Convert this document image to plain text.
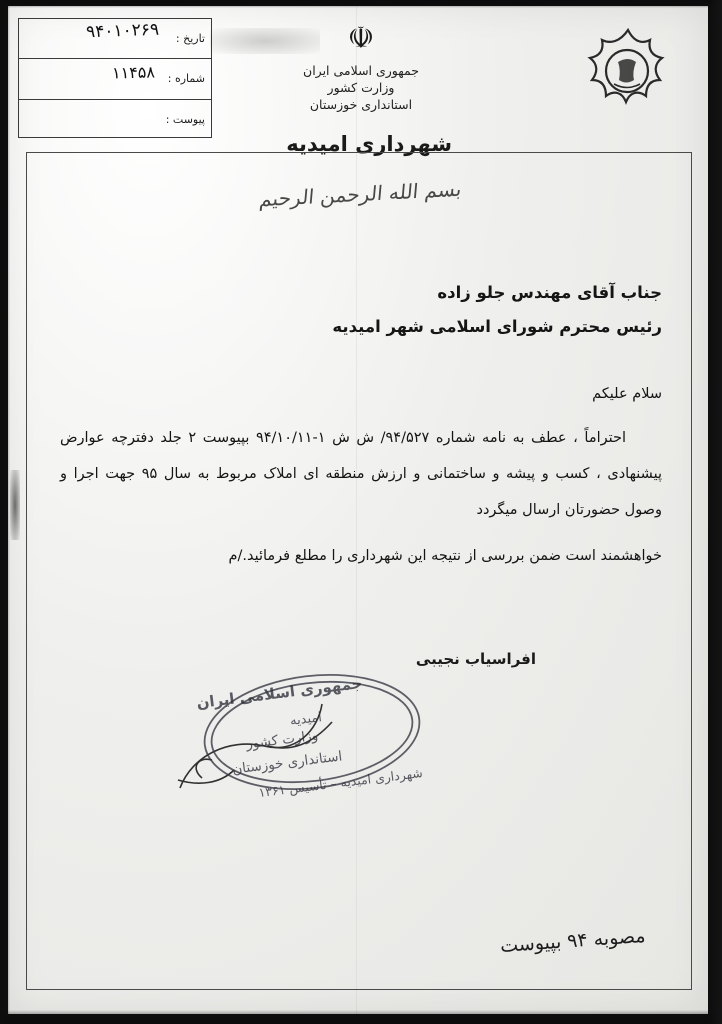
تاریخ :
۹۴۰۱۰۲۶۹
شماره :
۱۱۴۵۸
پیوست :
☫
جمهوری اسلامی ایران
وزارت کشور
استانداری خوزستان
شهرداری امیدیه
بسم الله الرحمن الرحیم
جناب آقای مهندس جلو زاده
رئیس محترم شورای اسلامی شهر امیدیه
سلام علیکم
احتراماً ، عطف به نامه شماره ۹۴/۵۲۷/ ش ش ۱-۹۴/۱۰/۱۱ بپیوست ۲ جلد دفترچه عوارض پیشنهادی ، کسب و پیشه و ساختمانی و ارزش منطقه ای املاک مربوط به سال ۹۵ جهت اجرا و وصول حضورتان ارسال میگردد
خواهشمند است ضمن بررسی از نتیجه این شهرداری را مطلع فرمائید./م
افراسیاب نجیبی
جمهوری اسلامی ایران
امیدیه
وزارت کشور
استانداری خوزستان
شهرداری امیدیه – تأسیس ۱۳۶۱
مصوبه ۹۴ بپیوست
